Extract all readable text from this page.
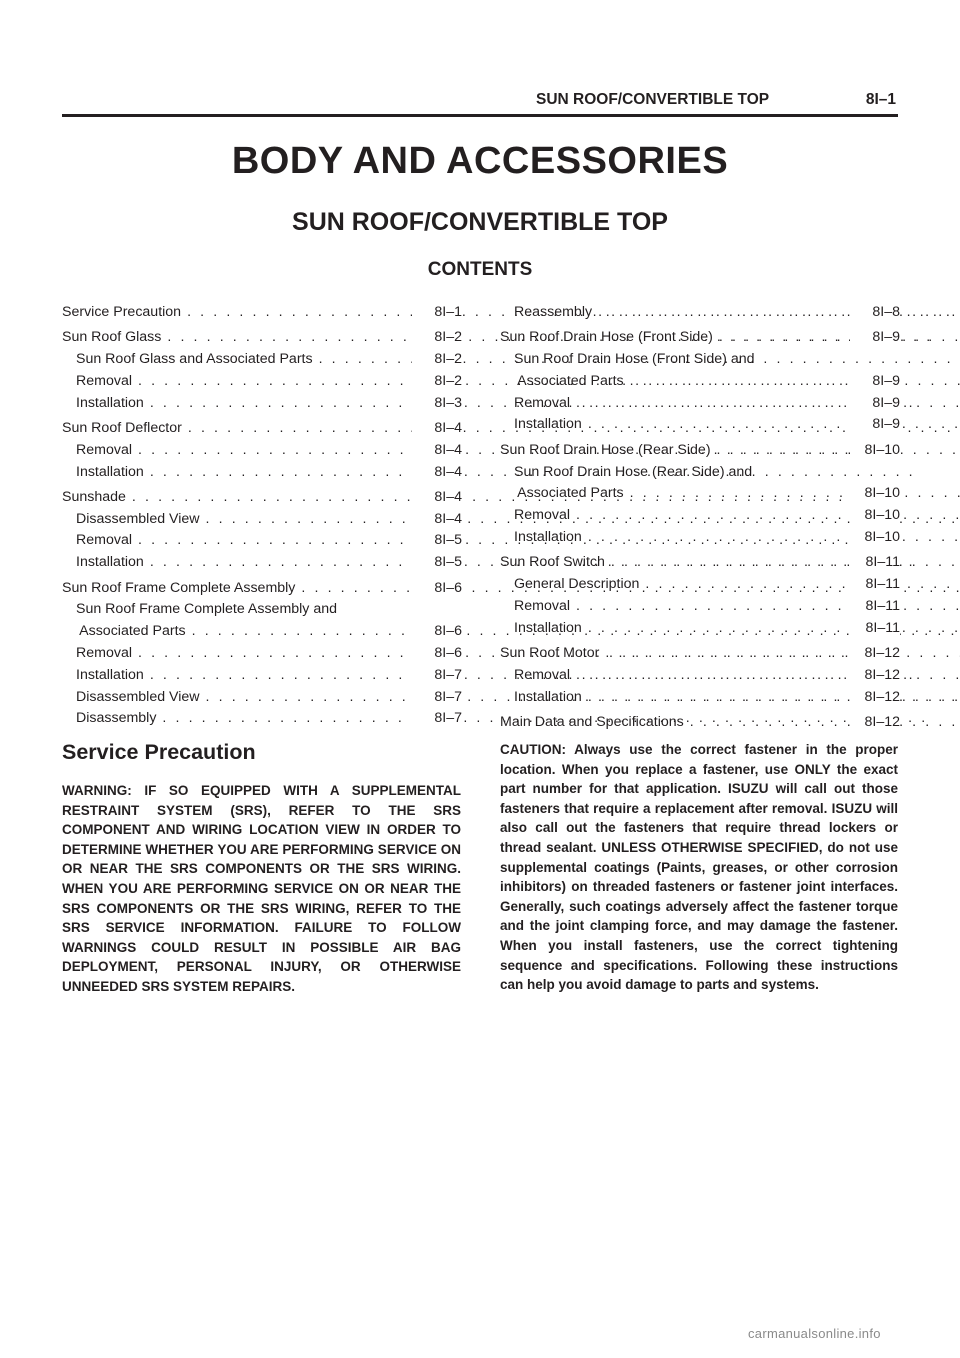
SUN ROOF/CONVERTIBLE TOP	8I–1
BODY AND ACCESSORIES
SUN ROOF/CONVERTIBLE TOP
CONTENTS
Service Precaution . . .	8I–1
Sun Roof Glass . . .	8I–2
Sun Roof Glass and Associated Parts . . .	8I–2
Removal . . .	8I–2
Installation . . .	8I–3
Sun Roof Deflector . . .	8I–4
Removal . . .	8I–4
Installation . . .	8I–4
Sunshade . . .	8I–4
Disassembled View . . .	8I–4
Removal . . .	8I–5
Installation . . .	8I–5
Sun Roof Frame Complete Assembly . . .	8I–6
Sun Roof Frame Complete Assembly and
Associated Parts . . .	8I–6
Removal . . .	8I–6
Installation . . .	8I–7
Disassembled View . . .	8I–7
Disassembly . . .	8I–7
Reassembly . . .	8I–8
Sun Roof Drain Hose (Front Side) . . .	8I–9
Sun Roof Drain Hose (Front Side) and
Associated Parts . . .	8I–9
Removal . . .	8I–9
Installation . . .	8I–9
Sun Roof Drain Hose (Rear Side) . . .	8I–10
Sun Roof Drain Hose (Rear Side) and
Associated Parts . . .	8I–10
Removal . . .	8I–10
Installation . . .	8I–10
Sun Roof Switch . . .	8I–11
General Description . . .	8I–11
Removal . . .	8I–11
Installation . . .	8I–11
Sun Roof Motor . . .	8I–12
Removal . . .	8I–12
Installation . . .	8I–12
Main Data and Specifications . . .	8I–12
Service Precaution
WARNING: IF SO EQUIPPED WITH A SUPPLEMENTAL RESTRAINT SYSTEM (SRS), REFER TO THE SRS COMPONENT AND WIRING LOCATION VIEW IN ORDER TO DETERMINE WHETHER YOU ARE PERFORMING SERVICE ON OR NEAR THE SRS COMPONENTS OR THE SRS WIRING. WHEN YOU ARE PERFORMING SERVICE ON OR NEAR THE SRS COMPONENTS OR THE SRS WIRING, REFER TO THE SRS SERVICE INFORMATION. FAILURE TO FOLLOW WARNINGS COULD RESULT IN POSSIBLE AIR BAG DEPLOYMENT, PERSONAL INJURY, OR OTHERWISE UNNEEDED SRS SYSTEM REPAIRS.
CAUTION: Always use the correct fastener in the proper location. When you replace a fastener, use ONLY the exact part number for that application. ISUZU will call out those fasteners that require a replacement after removal. ISUZU will also call out the fasteners that require thread lockers or thread sealant. UNLESS OTHERWISE SPECIFIED, do not use supplemental coatings (Paints, greases, or other corrosion inhibitors) on threaded fasteners or fastener joint interfaces. Generally, such coatings adversely affect the fastener torque and the joint clamping force, and may damage the fastener. When you install fasteners, use the correct tightening sequence and specifications. Following these instructions can help you avoid damage to parts and systems.
carmanualsonline.info
